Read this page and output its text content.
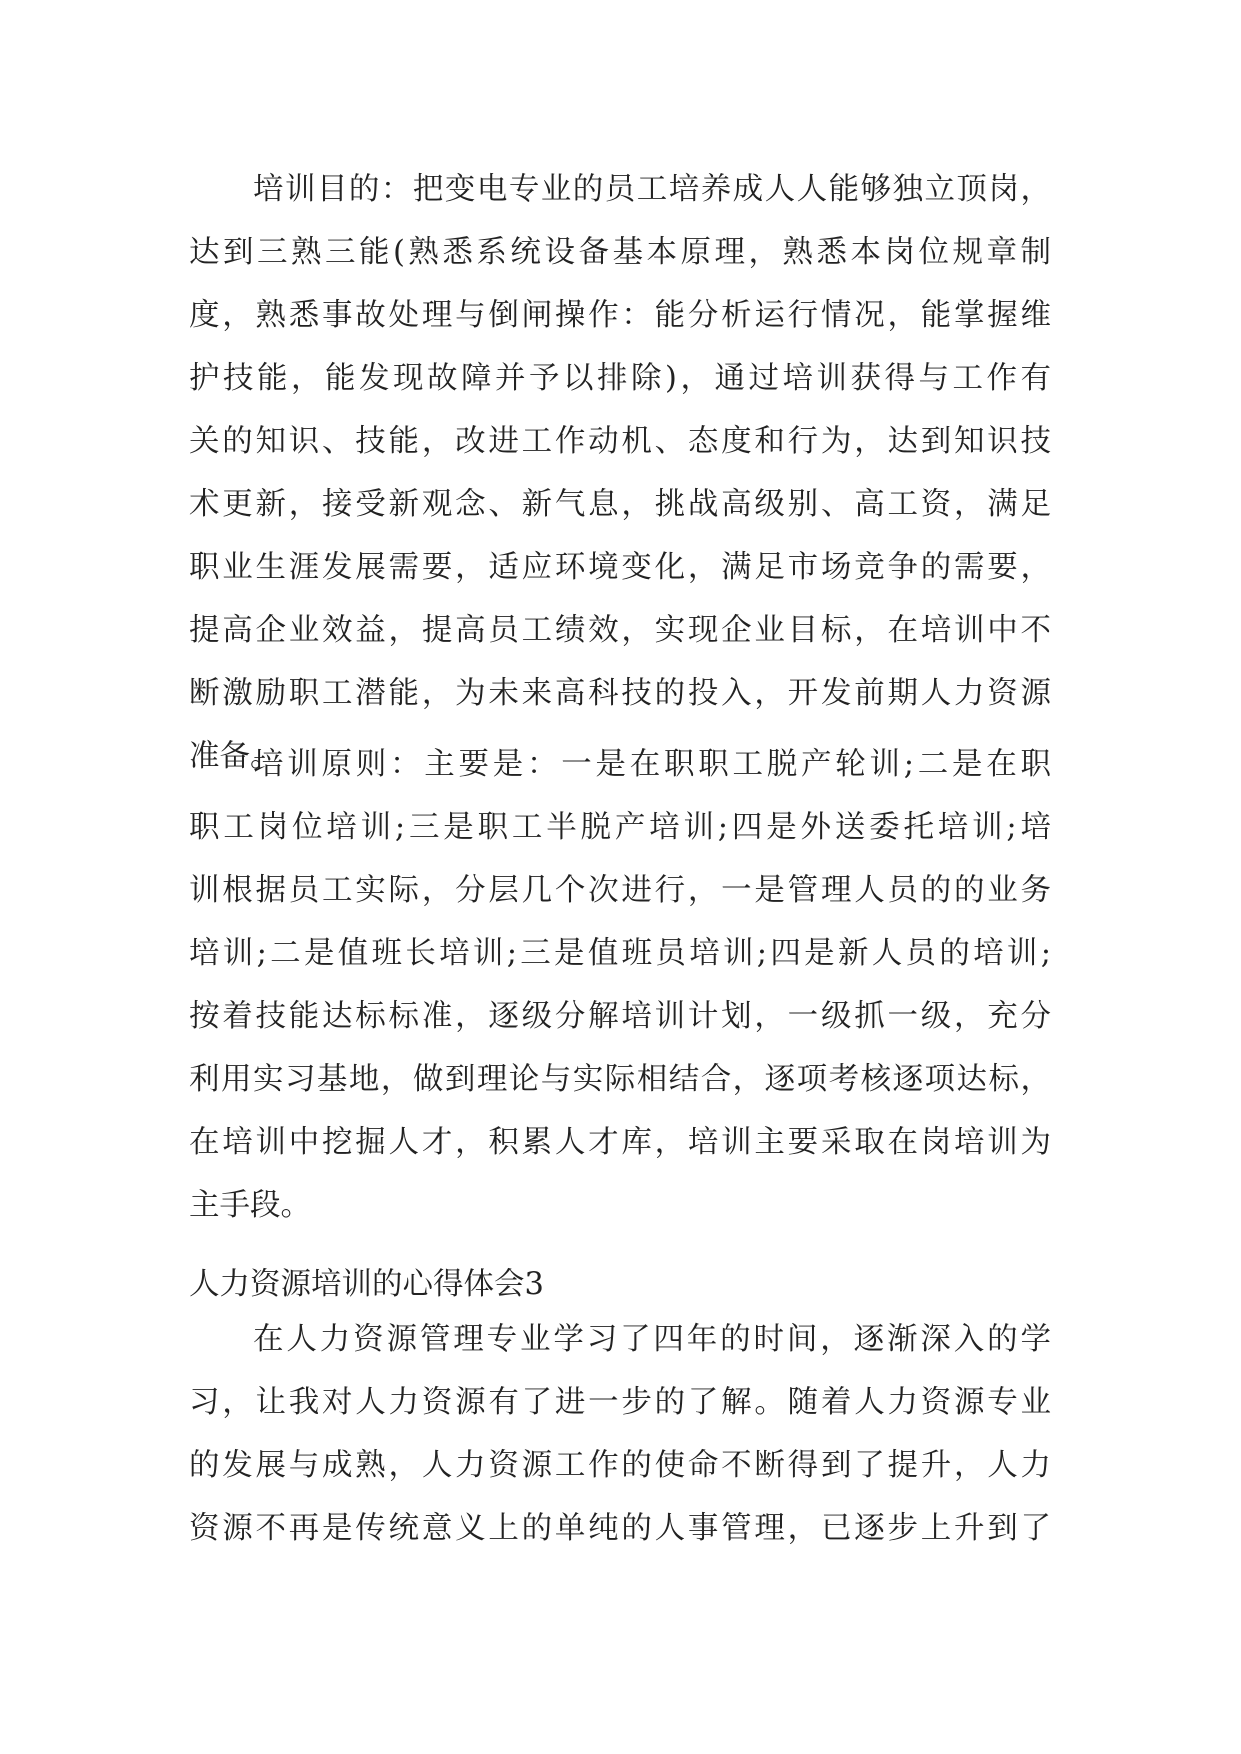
培训目的：把变电专业的员工培养成人人能够独立顶岗，
达到三熟三能(熟悉系统设备基本原理，熟悉本岗位规章制
度，熟悉事故处理与倒闸操作：能分析运行情况，能掌握维
护技能，能发现故障并予以排除)，通过培训获得与工作有
关的知识、技能，改进工作动机、态度和行为，达到知识技
术更新，接受新观念、新气息，挑战高级别、高工资，满足
职业生涯发展需要，适应环境变化，满足市场竞争的需要，
提高企业效益，提高员工绩效，实现企业目标，在培训中不
断激励职工潜能，为未来高科技的投入，开发前期人力资源
准备。
培训原则：主要是：一是在职职工脱产轮训;二是在职
职工岗位培训;三是职工半脱产培训;四是外送委托培训;培
训根据员工实际，分层几个次进行，一是管理人员的的业务
培训;二是值班长培训;三是值班员培训;四是新人员的培训;
按着技能达标标准，逐级分解培训计划，一级抓一级，充分
利用实习基地，做到理论与实际相结合，逐项考核逐项达标，
在培训中挖掘人才，积累人才库，培训主要采取在岗培训为
主手段。
人力资源培训的心得体会3
在人力资源管理专业学习了四年的时间，逐渐深入的学
习，让我对人力资源有了进一步的了解。随着人力资源专业
的发展与成熟，人力资源工作的使命不断得到了提升，人力
资源不再是传统意义上的单纯的人事管理，已逐步上升到了
